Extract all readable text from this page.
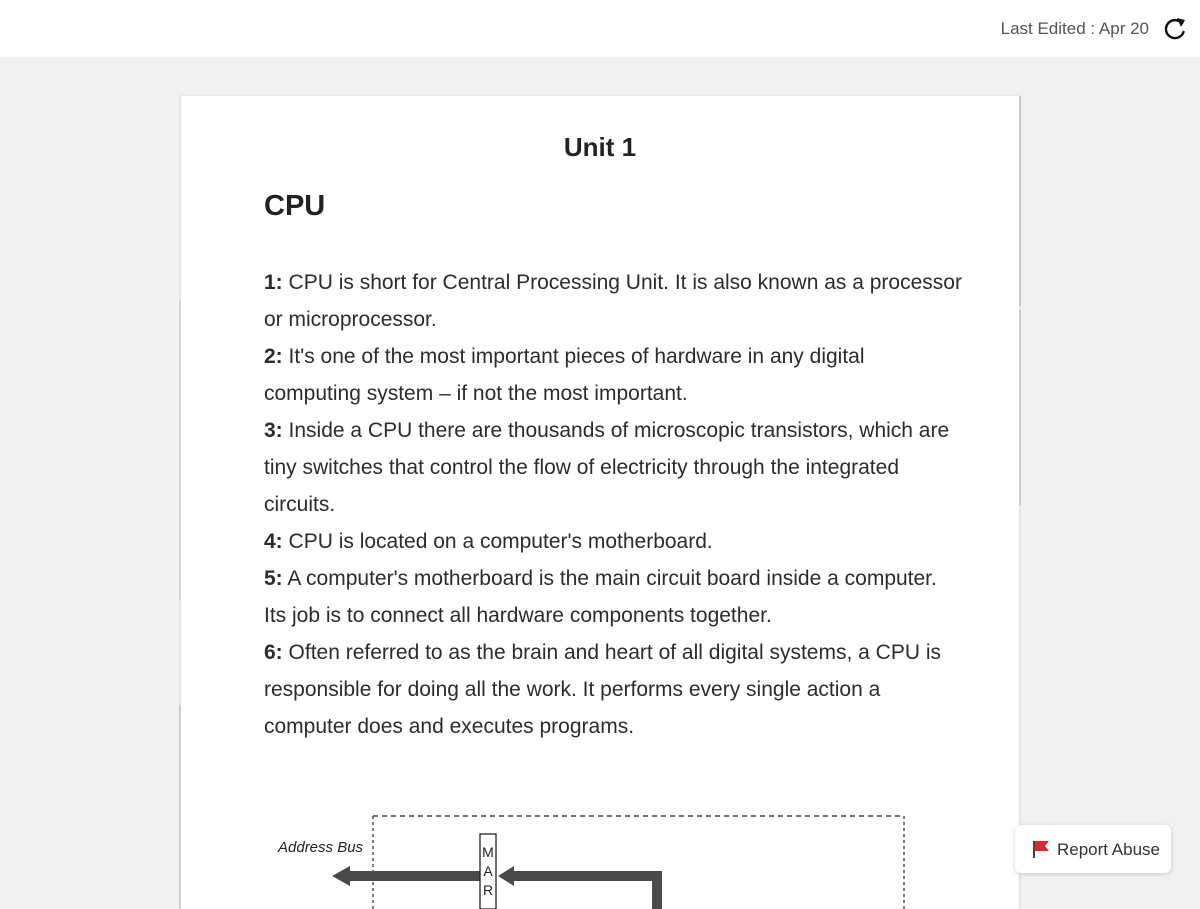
Last Edited : Apr 20
Unit 1
CPU

1: CPU is short for Central Processing Unit. It is also known as a processor or microprocessor.

2: It's one of the most important pieces of hardware in any digital computing system – if not the most important.

3: Inside a CPU there are thousands of microscopic transistors, which are tiny switches that control the flow of electricity through the integrated circuits.

4: CPU is located on a computer's motherboard.

5: A computer's motherboard is the main circuit board inside a computer. Its job is to connect all hardware components together.

6: Often referred to as the brain and heart of all digital systems, a CPU is responsible for doing all the work. It performs every single action a computer does and executes programs.

Address Bus	M
A
R
Report Abuse
